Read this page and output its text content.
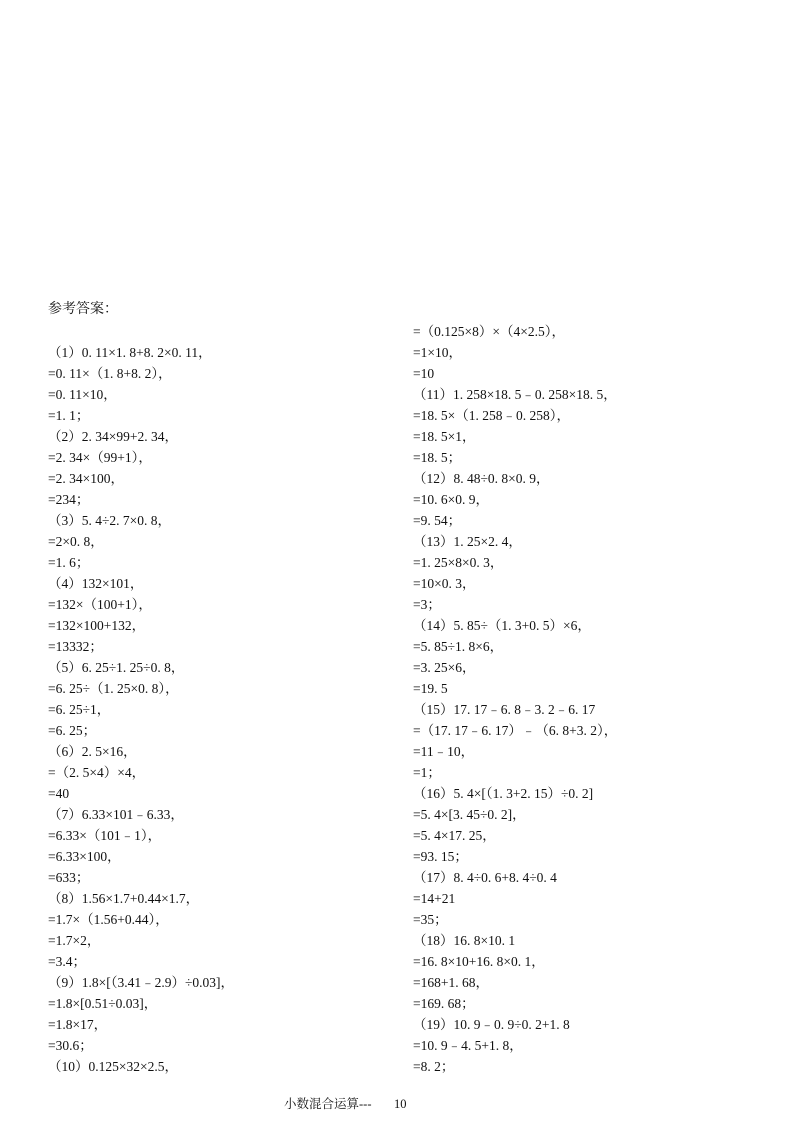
参考答案：
（1）0. 11×1. 8+8. 2×0. 11，
=0. 11×（1. 8+8. 2），
=0. 11×10，
=1. 1；
（2）2. 34×99+2. 34，
=2. 34×（99+1），
=2. 34×100，
=234；
（3）5. 4÷2. 7×0. 8，
=2×0. 8，
=1. 6；
（4）132×101，
=132×（100+1），
=132×100+132，
=13332；
（5）6. 25÷1. 25÷0. 8，
=6. 25÷（1. 25×0. 8），
=6. 25÷1，
=6. 25；
（6）2. 5×16，
=（2. 5×4）×4，
=40
（7）6.33×101﹣6.33，
=6.33×（101﹣1），
=6.33×100，
=633；
（8）1.56×1.7+0.44×1.7，
=1.7×（1.56+0.44），
=1.7×2，
=3.4；
（9）1.8×[（3.41﹣2.9）÷0.03]，
=1.8×[0.51÷0.03]，
=1.8×17，
=30.6；
（10）0.125×32×2.5，
=（0.125×8）×（4×2.5），
=1×10，
=10
（11）1. 258×18. 5﹣0. 258×18. 5，
=18. 5×（1. 258﹣0. 258），
=18. 5×1，
=18. 5；
（12）8. 48÷0. 8×0. 9，
=10. 6×0. 9，
=9. 54；
（13）1. 25×2. 4，
=1. 25×8×0. 3，
=10×0. 3，
=3；
（14）5. 85÷（1. 3+0. 5）×6，
=5. 85÷1. 8×6，
=3. 25×6，
=19. 5
（15）17. 17﹣6. 8﹣3. 2﹣6. 17
=（17. 17﹣6. 17）﹣（6. 8+3. 2），
=11﹣10，
=1；
（16）5. 4×[（1. 3+2. 15）÷0. 2]
=5. 4×[3. 45÷0. 2]，
=5. 4×17. 25，
=93. 15；
（17）8. 4÷0. 6+8. 4÷0. 4
=14+21
=35；
（18）16. 8×10. 1
=16. 8×10+16. 8×0. 1，
=168+1. 68，
=169. 68；
（19）10. 9﹣0. 9÷0. 2+1. 8
=10. 9﹣4. 5+1. 8，
=8. 2；
小数混合运算--- 10
